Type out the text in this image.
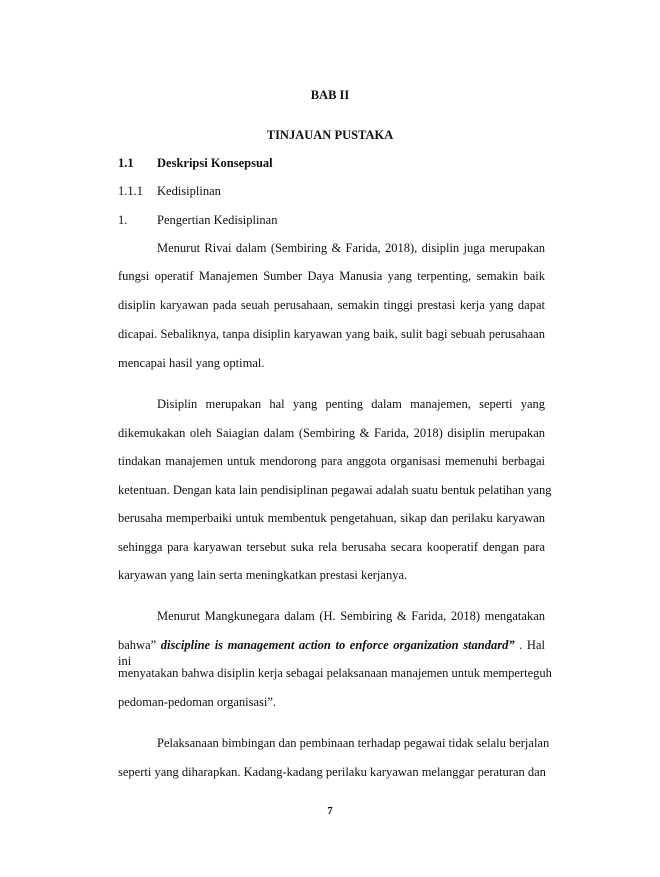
BAB II
TINJAUAN PUSTAKA
1.1 Deskripsi Konsepsual
1.1.1 Kedisiplinan
1. Pengertian Kedisiplinan
Menurut Rivai dalam (Sembiring & Farida, 2018), disiplin juga merupakan
fungsi operatif Manajemen Sumber Daya Manusia yang terpenting, semakin baik
disiplin karyawan pada seuah perusahaan, semakin tinggi prestasi kerja yang dapat
dicapai. Sebaliknya, tanpa disiplin karyawan yang baik, sulit bagi sebuah perusahaan
mencapai hasil yang optimal.
Disiplin merupakan hal yang penting dalam manajemen, seperti yang
dikemukakan oleh Saiagian dalam (Sembiring & Farida, 2018) disiplin merupakan
tindakan manajemen untuk mendorong para anggota organisasi memenuhi berbagai
ketentuan. Dengan kata lain pendisiplinan pegawai adalah suatu bentuk pelatihan yang
berusaha memperbaiki untuk membentuk pengetahuan, sikap dan perilaku karyawan
sehingga para karyawan tersebut suka rela berusaha secara kooperatif dengan para
karyawan yang lain serta meningkatkan prestasi kerjanya.
Menurut Mangkunegara dalam (H. Sembiring & Farida, 2018) mengatakan
bahwa” discipline is management action to enforce organization standard” . Hal ini
menyatakan bahwa disiplin kerja sebagai pelaksanaan manajemen untuk memperteguh
pedoman-pedoman organisasi”.
Pelaksanaan bimbingan dan pembinaan terhadap pegawai tidak selalu berjalan
seperti yang diharapkan. Kadang-kadang perilaku karyawan melanggar peraturan dan
7
